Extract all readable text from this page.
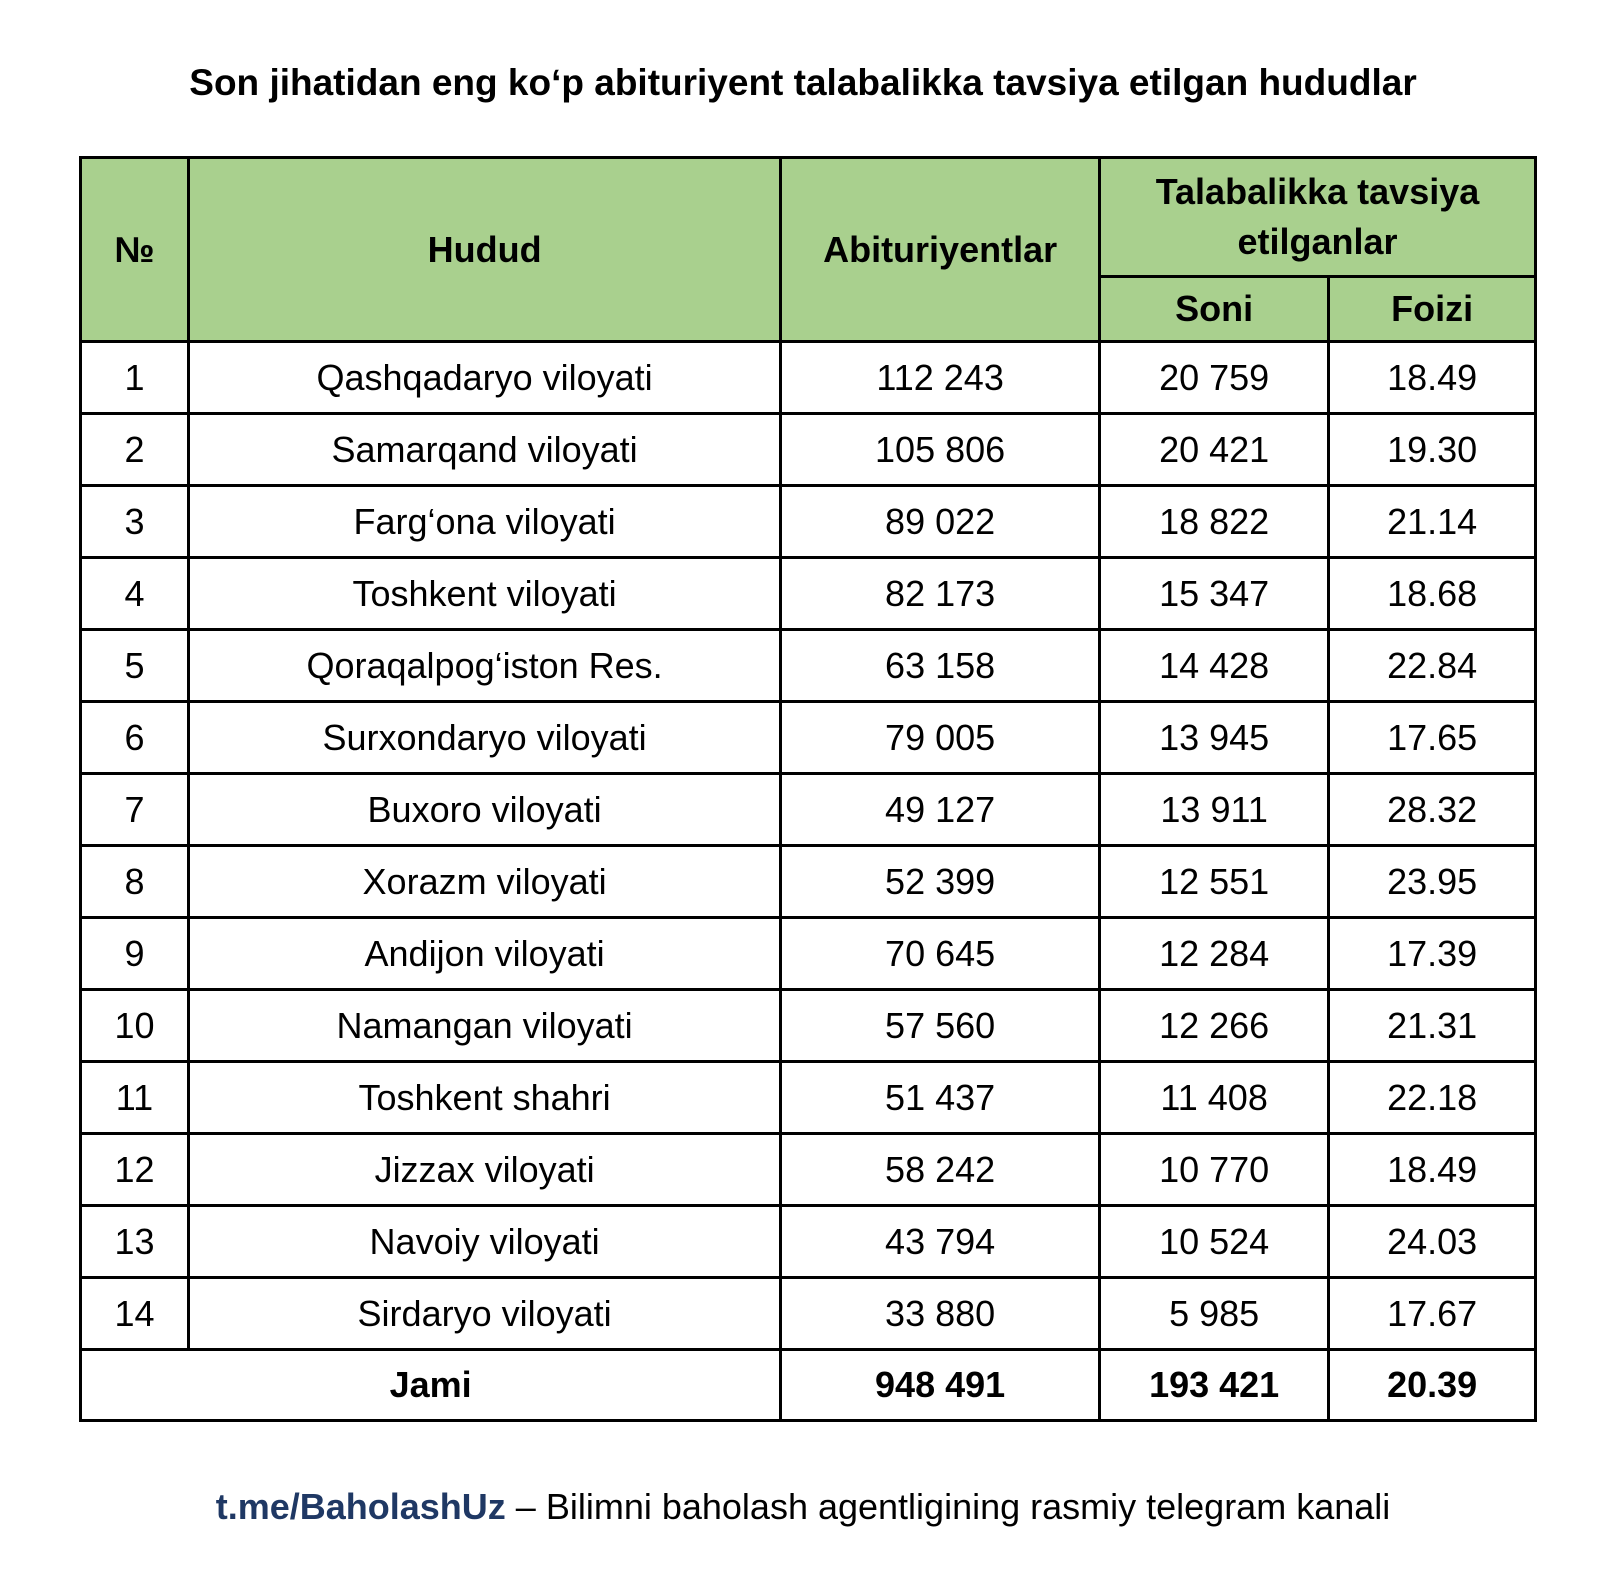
Son jihatidan eng ko‘p abituriyent talabalikka tavsiya etilgan hududlar
№	Hudud	Abituriyentlar	Talabalikka tavsiya etilganlar	
			Soni	Foizi
1	Qashqadaryo viloyati	112 243	20 759	18.49
2	Samarqand viloyati	105 806	20 421	19.30
3	Farg‘ona viloyati	89 022	18 822	21.14
4	Toshkent viloyati	82 173	15 347	18.68
5	Qoraqalpog‘iston Res.	63 158	14 428	22.84
6	Surxondaryo viloyati	79 005	13 945	17.65
7	Buxoro viloyati	49 127	13 911	28.32
8	Xorazm viloyati	52 399	12 551	23.95
9	Andijon viloyati	70 645	12 284	17.39
10	Namangan viloyati	57 560	12 266	21.31
11	Toshkent shahri	51 437	11 408	22.18
12	Jizzax viloyati	58 242	10 770	18.49
13	Navoiy viloyati	43 794	10 524	24.03
14	Sirdaryo viloyati	33 880	5 985	17.67
Jami		948 491	193 421	20.39
t.me/BaholashUz – Bilimni baholash agentligining rasmiy telegram kanali
